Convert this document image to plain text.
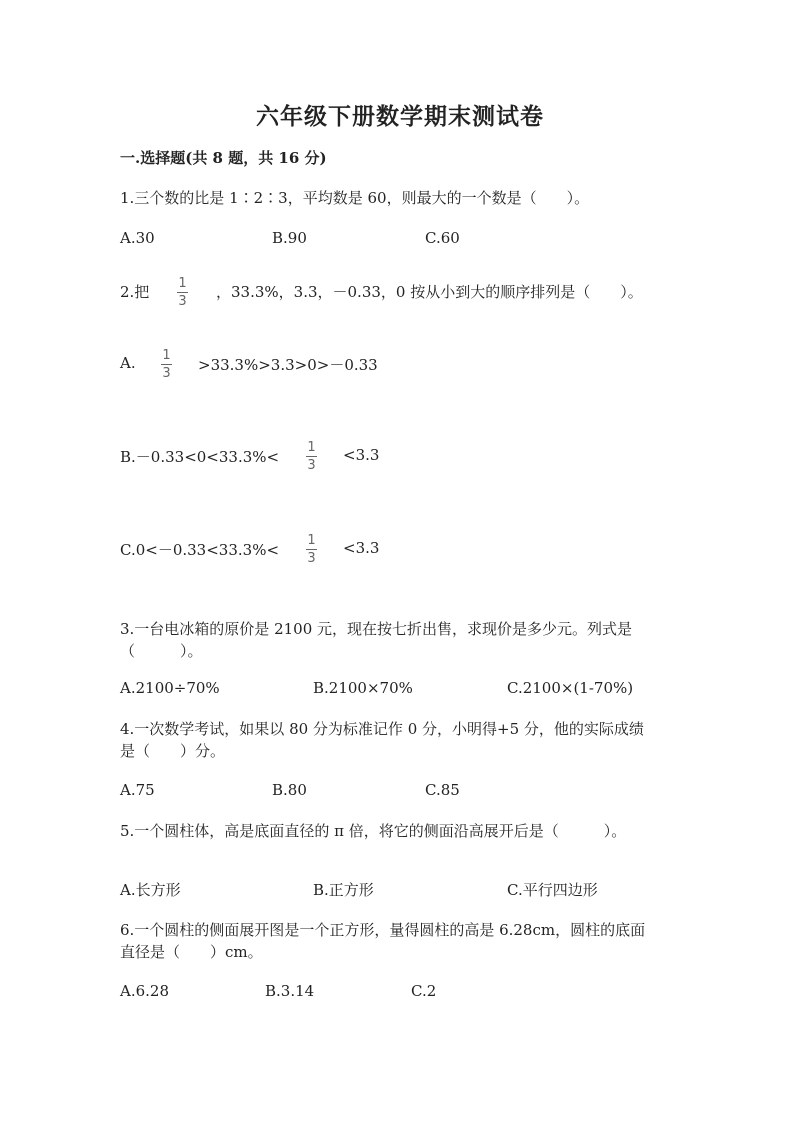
六年级下册数学期末测试卷
一.选择题(共 8 题，共 16 分)
1.三个数的比是 1∶2∶3，平均数是 60，则最大的一个数是（　　）。
A.30	B.90	C.60
2.把 1
3
，33.3%，3.3，－0.33，0 按从小到大的顺序排列是（　　）。
A. 1
3 >33.3%>3.3>0>－0.33
B.－0.33<0<33.3%<
1
3
<3.3
C.0<－0.33<33.3%<
1
3
<3.3
3.一台电冰箱的原价是 2100 元，现在按七折出售，求现价是多少元。列式是
（　　　）。
A.2100÷70%	B.2100×70%	C.2100×(1-70%)
4.一次数学考试，如果以 80 分为标准记作 0 分，小明得+5 分，他的实际成绩
是（　　）分。
A.75	B.80	C.85
5.一个圆柱体，高是底面直径的 π 倍，将它的侧面沿高展开后是（　　　）。
A.长方形	B.正方形	C.平行四边形
6.一个圆柱的侧面展开图是一个正方形，量得圆柱的高是 6.28cm，圆柱的底面
直径是（　　）cm。
A.6.28	B.3.14	C.2
